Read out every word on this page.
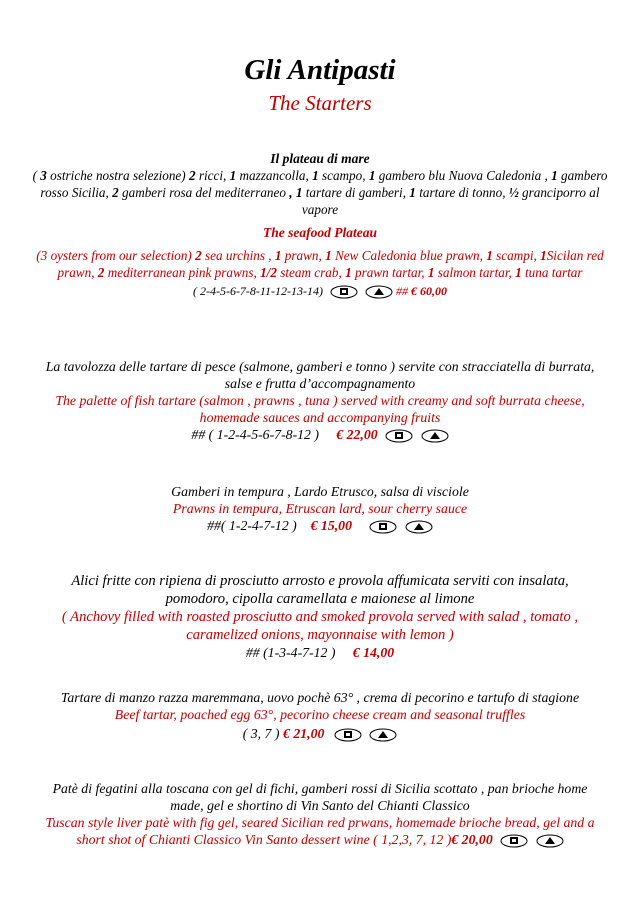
Gli Antipasti
The Starters
Il plateau di mare
( 3 ostriche nostra selezione) 2 ricci, 1 mazzancolla, 1 scampo, 1 gambero blu Nuova Caledonia , 1 gambero
rosso Sicilia, 2 gamberi rosa del mediterraneo , 1 tartare di gamberi, 1 tartare di tonno, ½ granciporro al
vapore
The seafood Plateau
(3 oysters from our selection) 2 sea urchins , 1 prawn, 1 New Caledonia blue prawn, 1 scampi, 1Sicilan red
prawn, 2 mediterranean pink prawns, 1/2 steam crab, 1 prawn tartar, 1 salmon tartar, 1 tuna tartar
( 2-4-5-6-7-8-11-12-13-14)
	## € 60,00
La tavolozza delle tartare di pesce (salmone, gamberi e tonno ) servite con stracciatella di burrata,
salse e frutta d’accompagnamento
The palette of fish tartare (salmon , prawns , tuna ) served with creamy and soft burrata cheese,
homemade sauces and accompanying fruits
## ( 1-2-4-5-6-7-8-12 ) € 22,00

Gamberi in tempura , Lardo Etrusco, salsa di visciole
Prawns in tempura, Etruscan lard, sour cherry sauce
##( 1-2-4-7-12 ) € 15,00

Alici fritte con ripiena di prosciutto arrosto e provola affumicata serviti con insalata,
pomodoro, cipolla caramellata e maionese al limone
( Anchovy filled with roasted prosciutto and smoked provola served with salad , tomato ,
caramelized onions, mayonnaise with lemon )
## (1-3-4-7-12 ) € 14,00
Tartare di manzo razza maremmana, uovo pochè 63° , crema di pecorino e tartufo di stagione
Beef tartar, poached egg 63°, pecorino cheese cream and seasonal truffles
( 3, 7 ) € 21,00

Patè di fegatini alla toscana con gel di fichi, gamberi rossi di Sicilia scottato , pan brioche home
made, gel e shortino di Vin Santo del Chianti Classico
Tuscan style liver patè with fig gel, seared Sicilian red prwans, homemade brioche bread, gel and a
short shot of Chianti Classico Vin Santo dessert wine ( 1,2,3, 7, 12 )€ 20,00
